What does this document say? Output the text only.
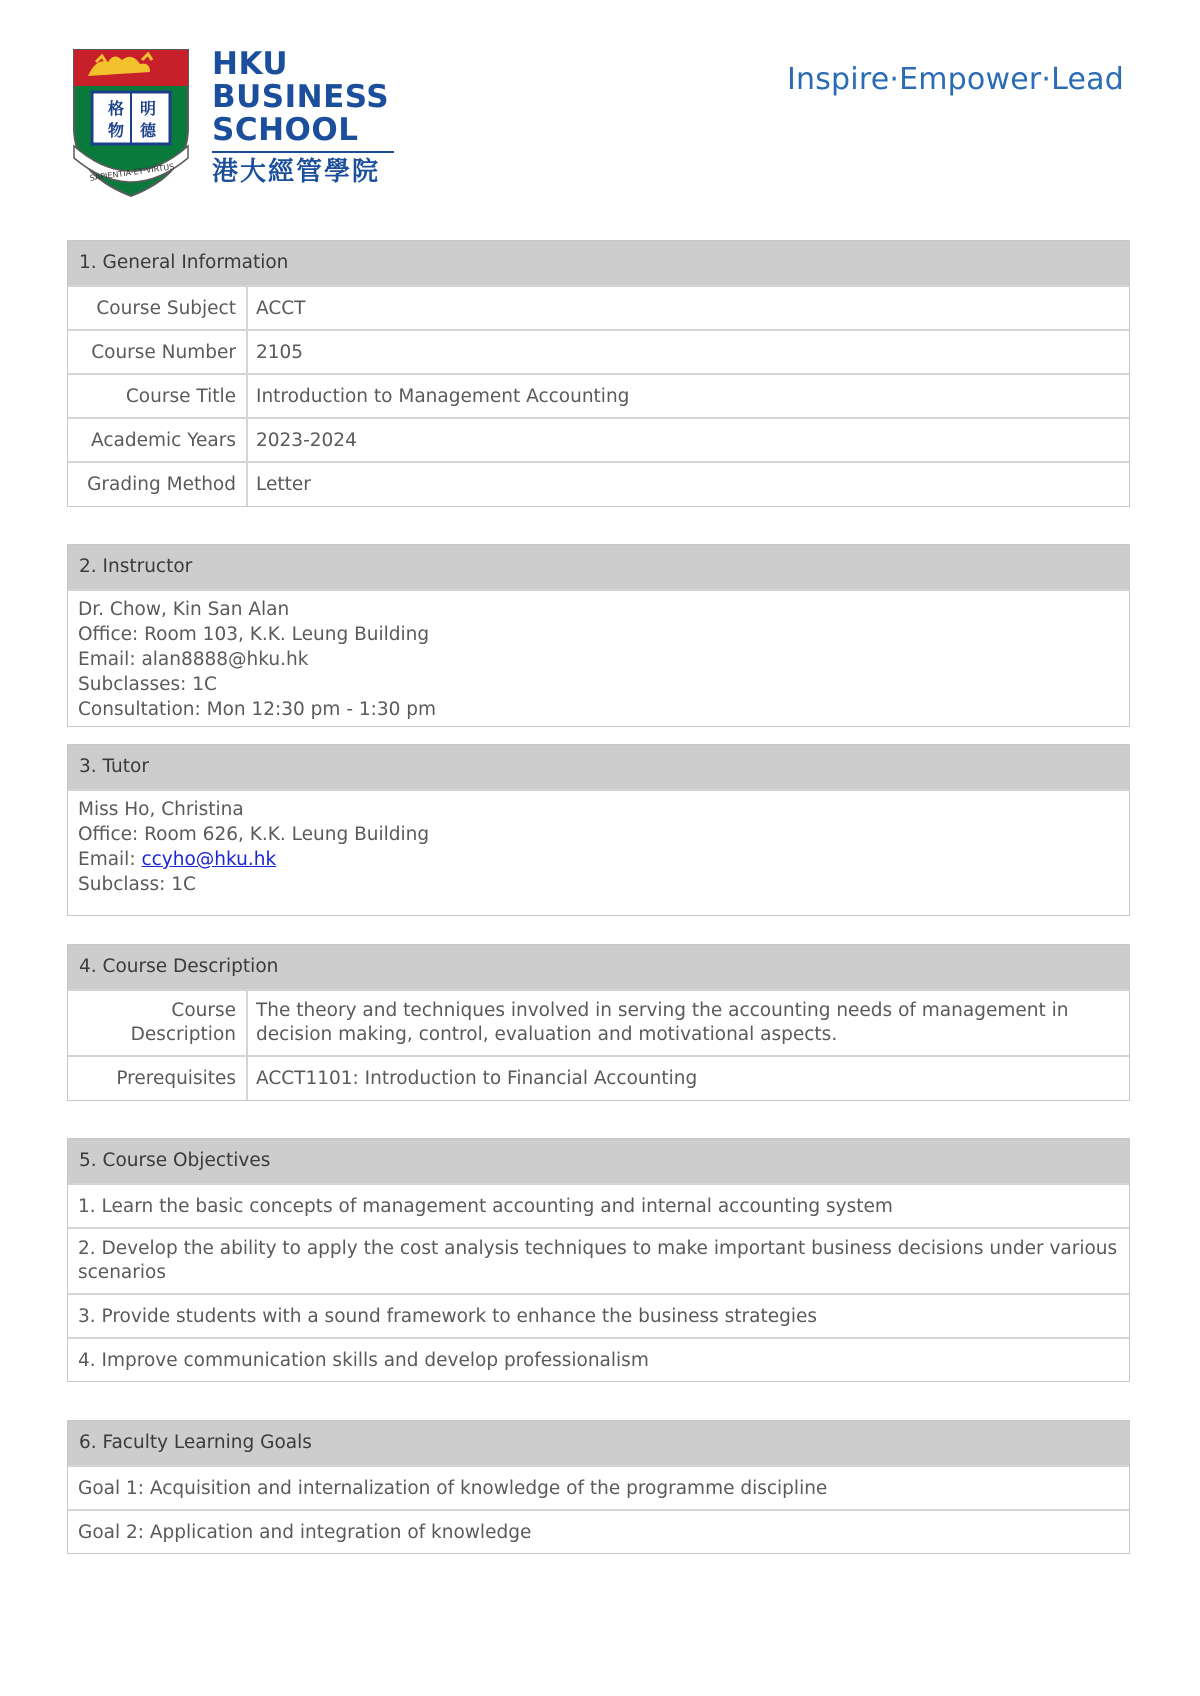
格 明
物 德
SAPIENTIA·ET·VIRTUS
HKU
BUSINESS
SCHOOL
港大經管學院
Inspire·Empower·Lead
1. General Information
Course Subject	ACCT
Course Number	2105
Course Title	Introduction to Management Accounting
Academic Years	2023-2024
Grading Method	Letter
2. Instructor
Dr. Chow, Kin San Alan
Office: Room 103, K.K. Leung Building
Email: alan8888@hku.hk
Subclasses: 1C
Consultation: Mon 12:30 pm - 1:30 pm
3. Tutor
Miss Ho, Christina
Office: Room 626, K.K. Leung Building
Email: ccyho@hku.hk
Subclass: 1C
4. Course Description
Course Description	The theory and techniques involved in serving the accounting needs of management in decision making, control, evaluation and motivational aspects.
Prerequisites	ACCT1101: Introduction to Financial Accounting
5. Course Objectives
1. Learn the basic concepts of management accounting and internal accounting system
2. Develop the ability to apply the cost analysis techniques to make important business decisions under various scenarios
3. Provide students with a sound framework to enhance the business strategies
4. Improve communication skills and develop professionalism
6. Faculty Learning Goals
Goal 1: Acquisition and internalization of knowledge of the programme discipline
Goal 2: Application and integration of knowledge
